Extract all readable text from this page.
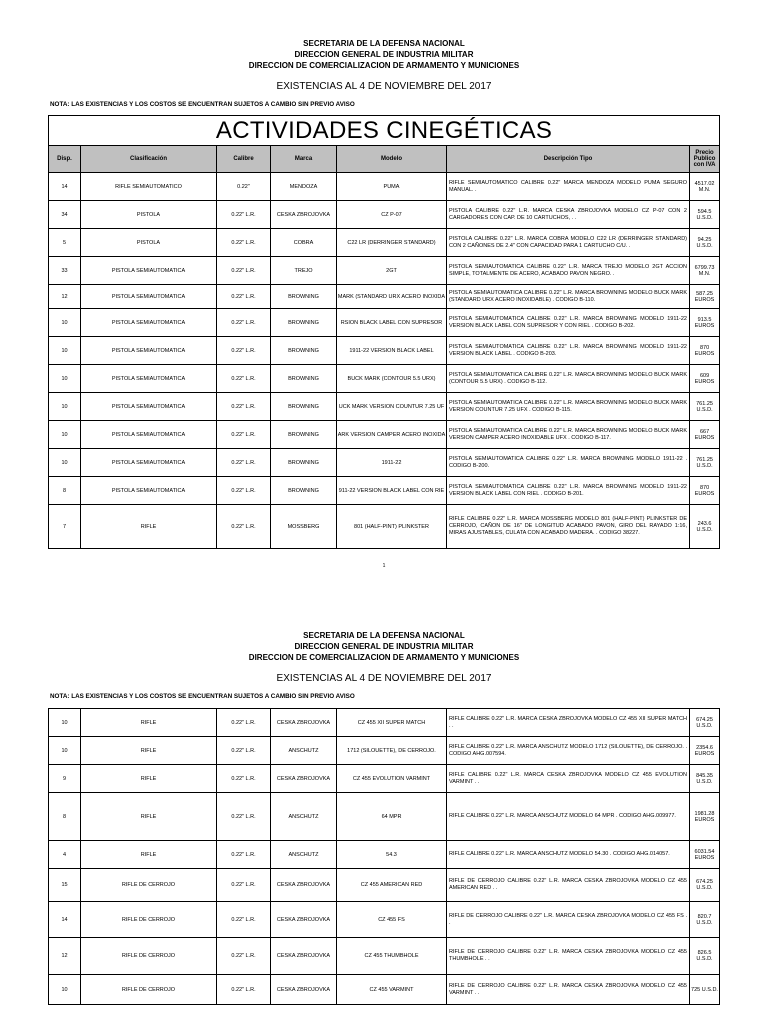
SECRETARIA DE LA DEFENSA NACIONAL
DIRECCION GENERAL DE INDUSTRIA MILITAR
DIRECCION DE COMERCIALIZACION DE ARMAMENTO Y MUNICIONES
EXISTENCIAS AL 4 DE NOVIEMBRE DEL 2017
NOTA: LAS EXISTENCIAS Y LOS COSTOS SE ENCUENTRAN SUJETOS A CAMBIO SIN PREVIO AVISO
ACTIVIDADES CINEGÉTICAS						
Disp.	Clasificación	Calibre	Marca	Modelo	Descripción Tipo	Precio Publico con IVA
14	RIFLE SEMIAUTOMATICO	0.22"	MENDOZA	PUMA	RIFLE SEMIAUTOMATICO CALIBRE 0.22" MARCA MENDOZA MODELO PUMA SEGURO MANUAL. .	4517.02 M.N.
34	PISTOLA	0.22" L.R.	CESKA ZBROJOVKA	CZ P-07	PISTOLA CALIBRE 0.22" L.R. MARCA CESKA ZBROJOVKA MODELO CZ P-07 CON 2 CARGADORES CON CAP. DE 10 CARTUCHOS, . .	594.5 U.S.D.
5	PISTOLA	0.22" L.R.	COBRA	C22 LR (DERRINGER STANDARD)	PISTOLA CALIBRE 0.22" L.R. MARCA COBRA MODELO C22 LR (DERRINGER STANDARD) CON 2 CAÑONES DE 2.4" CON CAPACIDAD PARA 1 CARTUCHO C/U. .	94.25 U.S.D.
33	PISTOLA SEMIAUTOMATICA	0.22" L.R.	TREJO	2GT	PISTOLA SEMIAUTOMATICA CALIBRE 0.22" L.R. MARCA TREJO MODELO 2GT ACCION SIMPLE, TOTALMENTE DE ACERO, ACABADO PAVON NEGRO. .	6799.73 M.N.
12	PISTOLA SEMIAUTOMATICA	0.22" L.R.	BROWNING	MARK (STANDARD URX ACERO INOXIDA	PISTOLA SEMIAUTOMATICA CALIBRE 0.22" L.R. MARCA BROWNING MODELO BUCK MARK (STANDARD URX ACERO INOXIDABLE) . CODIGO B-110.	587.25 EUROS
10	PISTOLA SEMIAUTOMATICA	0.22" L.R.	BROWNING	RSION BLACK LABEL CON SUPRESOR	PISTOLA SEMIAUTOMATICA CALIBRE 0.22" L.R. MARCA BROWNING MODELO 1911-22 VERSION BLACK LABEL CON SUPRESOR Y CON RIEL . CODIGO B-202.	913.5 EUROS
10	PISTOLA SEMIAUTOMATICA	0.22" L.R.	BROWNING	1911-22 VERSION BLACK LABEL	PISTOLA SEMIAUTOMATICA CALIBRE 0.22" L.R. MARCA BROWNING MODELO 1911-22 VERSION BLACK LABEL . CODIGO B-203.	870 EUROS
10	PISTOLA SEMIAUTOMATICA	0.22" L.R.	BROWNING	BUCK MARK (CONTOUR 5.5 URX)	PISTOLA SEMIAUTOMATICA CALIBRE 0.22" L.R. MARCA BROWNING MODELO BUCK MARK (CONTOUR 5.5 URX) . CODIGO B-112.	609 EUROS
10	PISTOLA SEMIAUTOMATICA	0.22" L.R.	BROWNING	UCK MARK VERSION COUNTUR 7.25 UF	PISTOLA SEMIAUTOMATICA CALIBRE 0.22" L.R. MARCA BROWNING MODELO BUCK MARK VERSION COUNTUR 7.25 UFX . CODIGO B-115.	761.25 U.S.D.
10	PISTOLA SEMIAUTOMATICA	0.22" L.R.	BROWNING	ARK VERSION CAMPER ACERO INOXIDA	PISTOLA SEMIAUTOMATICA CALIBRE 0.22" L.R. MARCA BROWNING MODELO BUCK MARK VERSION CAMPER ACERO INOXIDABLE UFX . CODIGO B-117.	667 EUROS
10	PISTOLA SEMIAUTOMATICA	0.22" L.R.	BROWNING	1911-22	PISTOLA SEMIAUTOMATICA CALIBRE 0.22" L.R. MARCA BROWNING MODELO 1911-22 . CODIGO B-200.	761.25 U.S.D.
8	PISTOLA SEMIAUTOMATICA	0.22" L.R.	BROWNING	911-22 VERSION BLACK LABEL CON RIE	PISTOLA SEMIAUTOMATICA CALIBRE 0.22" L.R. MARCA BROWNING MODELO 1911-22 VERSION BLACK LABEL CON RIEL . CODIGO B-201.	870 EUROS
7	RIFLE	0.22" L.R.	MOSSBERG	801 (HALF-PINT) PLINKSTER	RIFLE CALIBRE 0.22" L.R. MARCA MOSSBERG MODELO 801 (HALF-PINT) PLINKSTER DE CERROJO, CAÑON DE 16" DE LONGITUD ACABADO PAVON, GIRO DEL RAYADO 1:16, MIRAS AJUSTABLES, CULATA CON ACABADO MADERA. . CODIGO 38227.	243.6 U.S.D.
1
SECRETARIA DE LA DEFENSA NACIONAL
DIRECCION GENERAL DE INDUSTRIA MILITAR
DIRECCION DE COMERCIALIZACION DE ARMAMENTO Y MUNICIONES
EXISTENCIAS AL 4 DE NOVIEMBRE DEL 2017
NOTA: LAS EXISTENCIAS Y LOS COSTOS SE ENCUENTRAN SUJETOS A CAMBIO SIN PREVIO AVISO
10	RIFLE	0.22" L.R.	CESKA ZBROJOVKA	CZ 455 XII SUPER MATCH	RIFLE CALIBRE 0.22" L.R. MARCA CESKA ZBROJOVKA MODELO CZ 455 XII SUPER MATCH . .	674.25 U.S.D.
10	RIFLE	0.22" L.R.	ANSCHUTZ	1712 (SILOUETTE), DE CERROJO.	RIFLE CALIBRE 0.22" L.R. MARCA ANSCHUTZ MODELO 1712 (SILOUETTE), DE CERROJO. . CODIGO AHG.007594.	2354.6 EUROS
9	RIFLE	0.22" L.R.	CESKA ZBROJOVKA	CZ 455 EVOLUTION VARMINT	RIFLE CALIBRE 0.22" L.R. MARCA CESKA ZBROJOVKA MODELO CZ 455 EVOLUTION VARMINT . .	845.35 U.S.D.
8	RIFLE	0.22" L.R.	ANSCHUTZ	64 MPR	RIFLE CALIBRE 0.22" L.R. MARCA ANSCHUTZ MODELO 64 MPR . CODIGO AHG.009977.	1981.28 EUROS
4	RIFLE	0.22" L.R.	ANSCHUTZ	54.3	RIFLE CALIBRE 0.22" L.R. MARCA ANSCHUTZ MODELO 54.30 . CODIGO AHG.014057.	6031.54 EUROS
15	RIFLE DE CERROJO	0.22" L.R.	CESKA ZBROJOVKA	CZ 455 AMERICAN RED	RIFLE DE CERROJO CALIBRE 0.22" L.R. MARCA CESKA ZBROJOVKA MODELO CZ 455 AMERICAN RED . .	674.25 U.S.D.
14	RIFLE DE CERROJO	0.22" L.R.	CESKA ZBROJOVKA	CZ 455 FS	RIFLE DE CERROJO CALIBRE 0.22" L.R. MARCA CESKA ZBROJOVKA MODELO CZ 455 FS . .	820.7 U.S.D.
12	RIFLE DE CERROJO	0.22" L.R.	CESKA ZBROJOVKA	CZ 455 THUMBHOLE	RIFLE DE CERROJO CALIBRE 0.22" L.R. MARCA CESKA ZBROJOVKA MODELO CZ 455 THUMBHOLE . .	826.5 U.S.D.
10	RIFLE DE CERROJO	0.22" L.R.	CESKA ZBROJOVKA	CZ 455 VARMINT	RIFLE DE CERROJO CALIBRE 0.22" L.R. MARCA CESKA ZBROJOVKA MODELO CZ 455 VARMINT . .	725 U.S.D.
